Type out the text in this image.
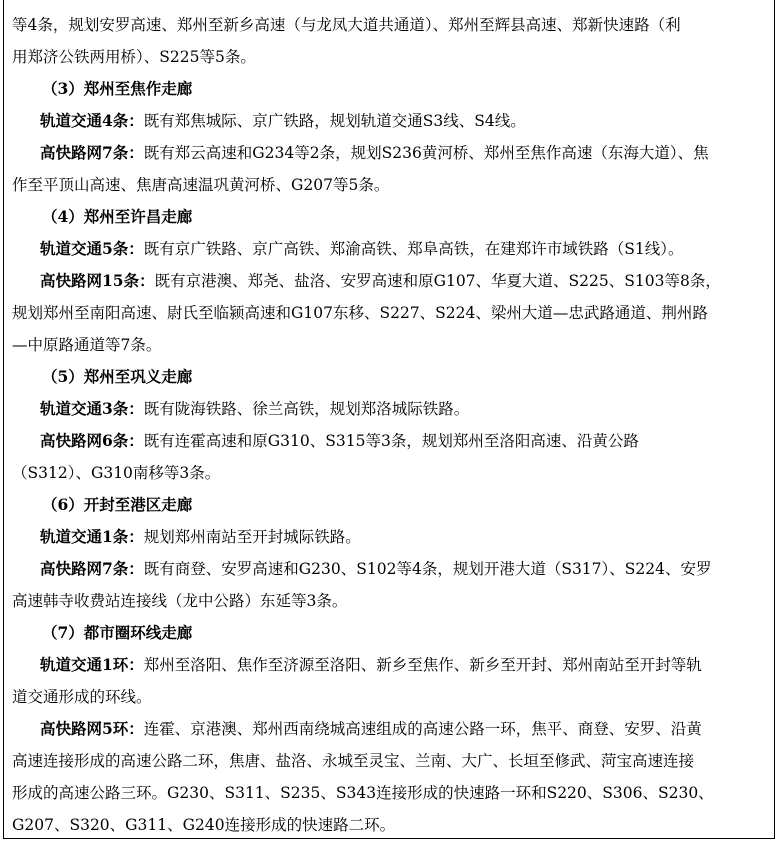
等4条，规划安罗高速、郑州至新乡高速（与龙凤大道共通道）、郑州至辉县高速、郑新快速路（利
用郑济公铁两用桥）、S225等5条。
（3）郑州至焦作走廊
轨道交通4条：既有郑焦城际、京广铁路，规划轨道交通S3线、S4线。
高快路网7条：既有郑云高速和G234等2条，规划S236黄河桥、郑州至焦作高速（东海大道）、焦
作至平顶山高速、焦唐高速温巩黄河桥、G207等5条。
（4）郑州至许昌走廊
轨道交通5条：既有京广铁路、京广高铁、郑渝高铁、郑阜高铁，在建郑许市域铁路（S1线）。
高快路网15条：既有京港澳、郑尧、盐洛、安罗高速和原G107、华夏大道、S225、S103等8条，
规划郑州至南阳高速、尉氏至临颍高速和G107东移、S227、S224、梁州大道—忠武路通道、荆州路
—中原路通道等7条。
（5）郑州至巩义走廊
轨道交通3条：既有陇海铁路、徐兰高铁，规划郑洛城际铁路。
高快路网6条：既有连霍高速和原G310、S315等3条，规划郑州至洛阳高速、沿黄公路
（S312）、G310南移等3条。
（6）开封至港区走廊
轨道交通1条：规划郑州南站至开封城际铁路。
高快路网7条：既有商登、安罗高速和G230、S102等4条，规划开港大道（S317）、S224、安罗
高速韩寺收费站连接线（龙中公路）东延等3条。
（7）都市圈环线走廊
轨道交通1环：郑州至洛阳、焦作至济源至洛阳、新乡至焦作、新乡至开封、郑州南站至开封等轨
道交通形成的环线。
高快路网5环：连霍、京港澳、郑州西南绕城高速组成的高速公路一环，焦平、商登、安罗、沿黄
高速连接形成的高速公路二环，焦唐、盐洛、永城至灵宝、兰南、大广、长垣至修武、菏宝高速连接
形成的高速公路三环。G230、S311、S235、S343连接形成的快速路一环和S220、S306、S230、
G207、S320、G311、G240连接形成的快速路二环。
